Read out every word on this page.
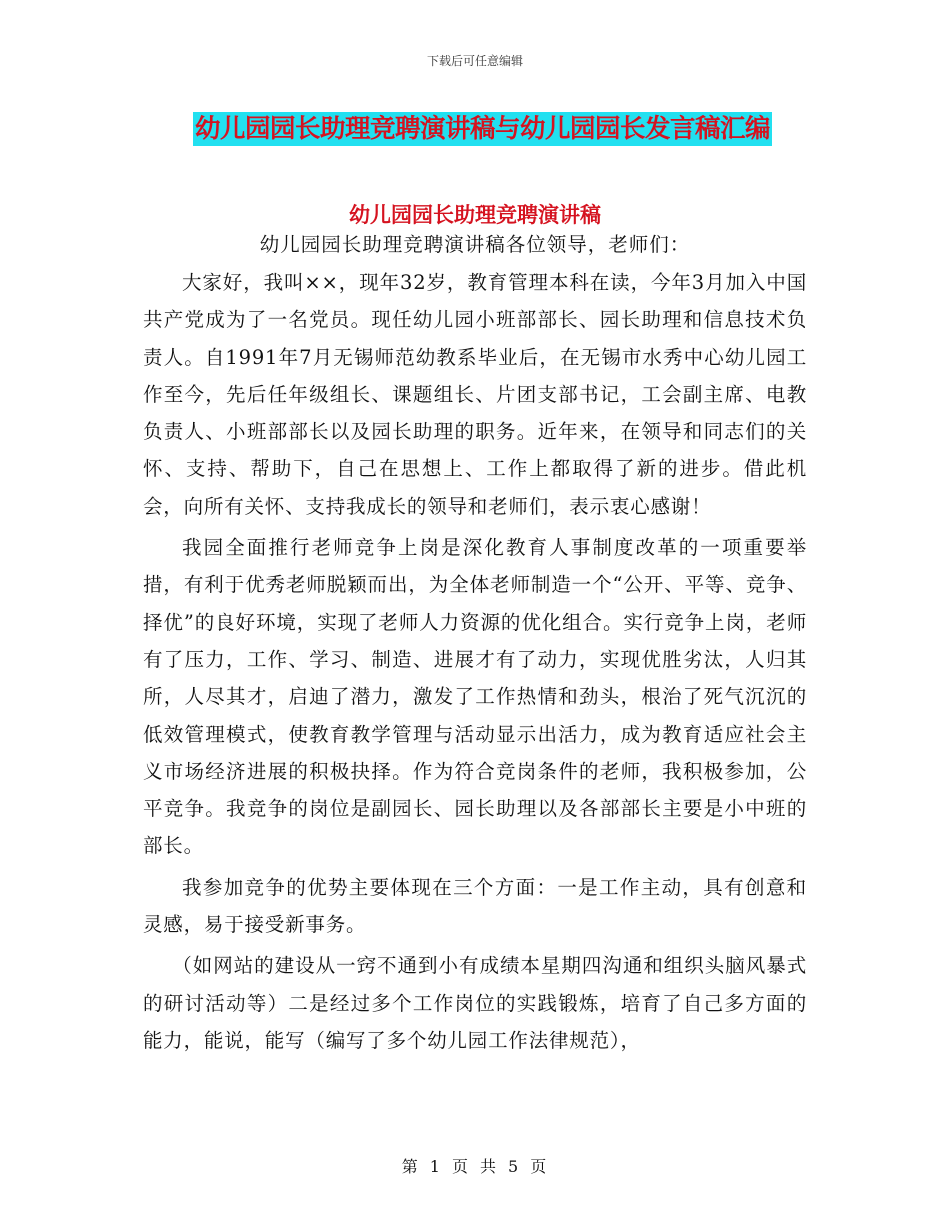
下载后可任意编辑
幼儿园园长助理竞聘演讲稿与幼儿园园长发言稿汇编
幼儿园园长助理竞聘演讲稿
幼儿园园长助理竞聘演讲稿各位领导，老师们：

大家好，我叫××，现年32岁，教育管理本科在读，今年3月加入中国共产党成为了一名党员。现任幼儿园小班部部长、园长助理和信息技术负责人。自1991年7月无锡师范幼教系毕业后，在无锡市水秀中心幼儿园工作至今，先后任年级组长、课题组长、片团支部书记，工会副主席、电教负责人、小班部部长以及园长助理的职务。近年来，在领导和同志们的关怀、支持、帮助下，自己在思想上、工作上都取得了新的进步。借此机会，向所有关怀、支持我成长的领导和老师们，表示衷心感谢！

我园全面推行老师竞争上岗是深化教育人事制度改革的一项重要举措，有利于优秀老师脱颖而出，为全体老师制造一个“公开、平等、竞争、择优”的良好环境，实现了老师人力资源的优化组合。实行竞争上岗，老师有了压力，工作、学习、制造、进展才有了动力，实现优胜劣汰，人归其所，人尽其才，启迪了潜力，激发了工作热情和劲头，根治了死气沉沉的低效管理模式，使教育教学管理与活动显示出活力，成为教育适应社会主义市场经济进展的积极抉择。作为符合竞岗条件的老师，我积极参加，公平竞争。我竞争的岗位是副园长、园长助理以及各部部长主要是小中班的部长。

我参加竞争的优势主要体现在三个方面：一是工作主动，具有创意和灵感，易于接受新事务。

（如网站的建设从一窍不通到小有成绩本星期四沟通和组织头脑风暴式的研讨活动等）二是经过多个工作岗位的实践锻炼，培育了自己多方面的能力，能说，能写（编写了多个幼儿园工作法律规范），

第 1 页 共 5 页
